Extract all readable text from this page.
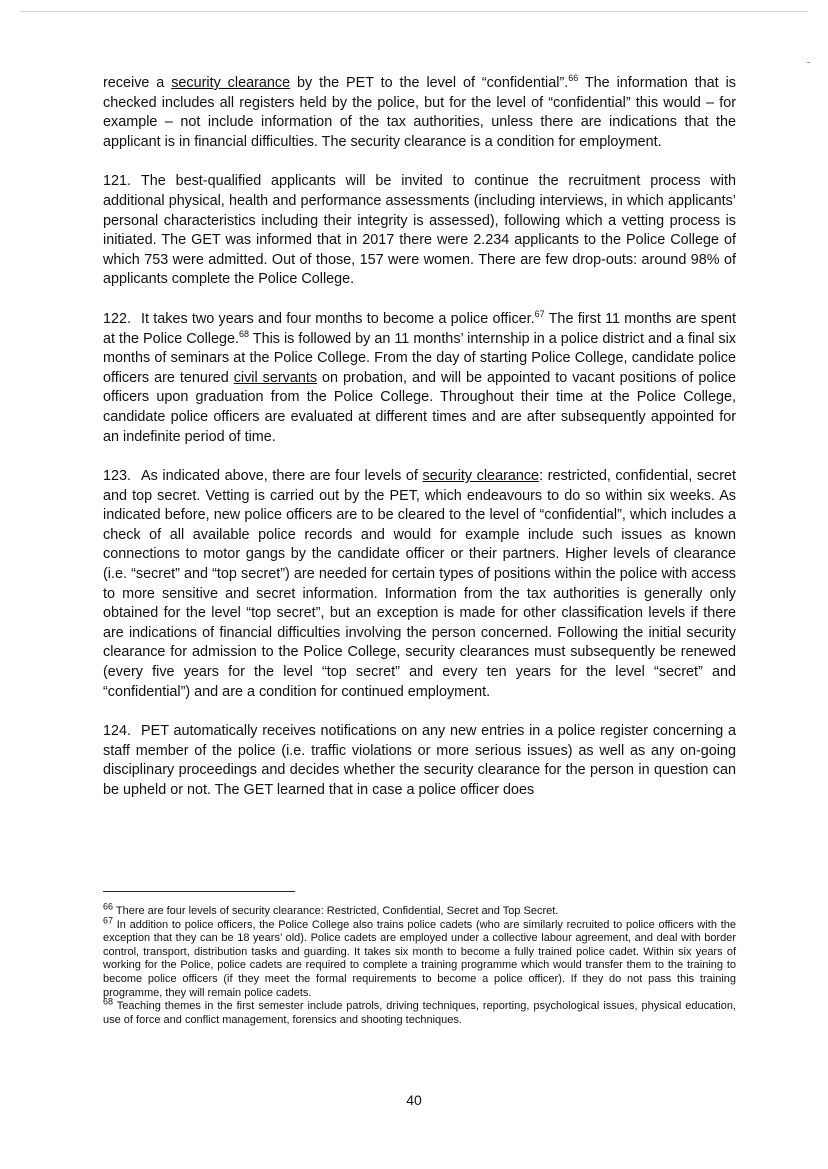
receive a security clearance by the PET to the level of “confidential”.$^{66}$ The information that is checked includes all registers held by the police, but for the level of “confidential” this would – for example – not include information of the tax authorities, unless there are indications that the applicant is in financial difficulties. The security clearance is a condition for employment.

121. The best-qualified applicants will be invited to continue the recruitment process with additional physical, health and performance assessments (including interviews, in which applicants’ personal characteristics including their integrity is assessed), following which a vetting process is initiated. The GET was informed that in 2017 there were 2.234 applicants to the Police College of which 753 were admitted. Out of those, 157 were women. There are few drop-outs: around 98% of applicants complete the Police College.

122. It takes two years and four months to become a police officer.$^{67}$ The first 11 months are spent at the Police College.$^{68}$ This is followed by an 11 months’ internship in a police district and a final six months of seminars at the Police College. From the day of starting Police College, candidate police officers are tenured civil servants on probation, and will be appointed to vacant positions of police officers upon graduation from the Police College. Throughout their time at the Police College, candidate police officers are evaluated at different times and are after subsequently appointed for an indefinite period of time.

123. As indicated above, there are four levels of security clearance: restricted, confidential, secret and top secret. Vetting is carried out by the PET, which endeavours to do so within six weeks. As indicated before, new police officers are to be cleared to the level of “confidential”, which includes a check of all available police records and would for example include such issues as known connections to motor gangs by the candidate officer or their partners. Higher levels of clearance (i.e. “secret” and “top secret”) are needed for certain types of positions within the police with access to more sensitive and secret information. Information from the tax authorities is generally only obtained for the level “top secret”, but an exception is made for other classification levels if there are indications of financial difficulties involving the person concerned. Following the initial security clearance for admission to the Police College, security clearances must subsequently be renewed (every five years for the level “top secret” and every ten years for the level “secret” and “confidential”) and are a condition for continued employment.

124. PET automatically receives notifications on any new entries in a police register concerning a staff member of the police (i.e. traffic violations or more serious issues) as well as any on-going disciplinary proceedings and decides whether the security clearance for the person in question can be upheld or not. The GET learned that in case a police officer does

$^{66}$ There are four levels of security clearance: Restricted, Confidential, Secret and Top Secret.

$^{67}$ In addition to police officers, the Police College also trains police cadets (who are similarly recruited to police officers with the exception that they can be 18 years’ old). Police cadets are employed under a collective labour agreement, and deal with border control, transport, distribution tasks and guarding. It takes six month to become a fully trained police cadet. Within six years of working for the Police, police cadets are required to complete a training programme which would transfer them to the training to become police officers (if they meet the formal requirements to become a police officer). If they do not pass this training programme, they will remain police cadets.

$^{68}$ Teaching themes in the first semester include patrols, driving techniques, reporting, psychological issues, physical education, use of force and conflict management, forensics and shooting techniques.

40
